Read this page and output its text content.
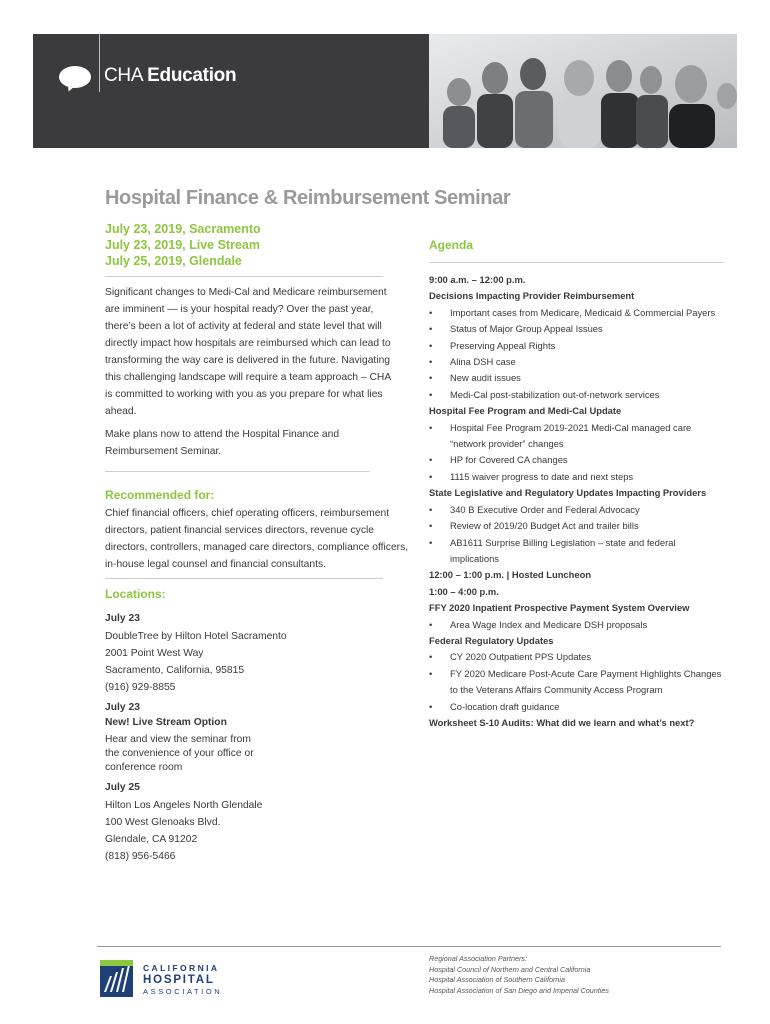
CHA Education
Hospital Finance & Reimbursement Seminar
July 23, 2019, Sacramento
July 23, 2019, Live Stream
July 25, 2019, Glendale
Significant changes to Medi-Cal and Medicare reimbursement
are imminent — is your hospital ready? Over the past year,
there’s been a lot of activity at federal and state level that will
directly impact how hospitals are reimbursed which can lead to
transforming the way care is delivered in the future. Navigating
this challenging landscape will require a team approach – CHA
is committed to working with you as you prepare for what lies
ahead.
Make plans now to attend the Hospital Finance and
Reimbursement Seminar.
Recommended for:
Chief financial officers, chief operating officers, reimbursement
directors, patient financial services directors, revenue cycle
directors, controllers, managed care directors, compliance officers,
in-house legal counsel and financial consultants.
Locations:
July 23
DoubleTree by Hilton Hotel Sacramento
2001 Point West Way
Sacramento, California, 95815
(916) 929-8855
July 23
New! Live Stream Option
Hear and view the seminar from
the convenience of your office or
conference room
July 25
Hilton Los Angeles North Glendale
100 West Glenoaks Blvd.
Glendale, CA 91202
(818) 956-5466
Agenda
9:00 a.m. – 12:00 p.m.
Decisions Impacting Provider Reimbursement
• Important cases from Medicare, Medicaid & Commercial Payers
• Status of Major Group Appeal Issues
• Preserving Appeal Rights
• Alina DSH case
• New audit issues
• Medi-Cal post-stabilization out-of-network services
Hospital Fee Program and Medi-Cal Update
• Hospital Fee Program 2019-2021 Medi-Cal managed care
“network provider” changes
• HP for Covered CA changes
• 1115 waiver progress to date and next steps
State Legislative and Regulatory Updates Impacting Providers
• 340 B Executive Order and Federal Advocacy
• Review of 2019/20 Budget Act and trailer bills
• AB1611 Surprise Billing Legislation – state and federal
implications
12:00 – 1:00 p.m. | Hosted Luncheon
1:00 – 4:00 p.m.
FFY 2020 Inpatient Prospective Payment System Overview
• Area Wage Index and Medicare DSH proposals
Federal Regulatory Updates
• CY 2020 Outpatient PPS Updates
• FY 2020 Medicare Post-Acute Care Payment Highlights Changes
to the Veterans Affairs Community Access Program
• Co-location draft guidance
Worksheet S-10 Audits: What did we learn and what’s next?
CALIFORNIA
HOSPITAL
ASSOCIATION
Regional Association Partners:
Hospital Council of Northern and Central California
Hospital Association of Southern California
Hospital Association of San Diego and Imperial Counties
